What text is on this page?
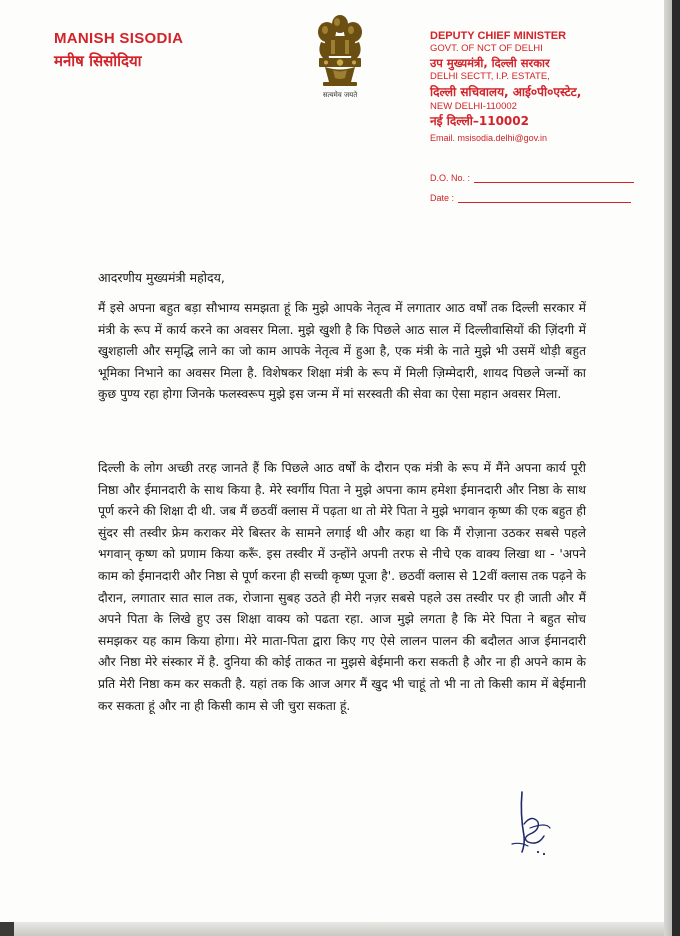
MANISH SISODIA

मनीष सिसोदिया

सत्यमेव जयते
DEPUTY CHIEF MINISTER
GOVT. OF NCT OF DELHI
उप मुख्यमंत्री, दिल्ली सरकार
DELHI SECTT, I.P. ESTATE,
दिल्ली सचिवालय, आई०पी०एस्टेट,
NEW DELHI-110002
नई दिल्ली–110002
Email. msisodia.delhi@gov.in
D.O. No. :
Date :
आदरणीय मुख्यमंत्री महोदय,

मैं इसे अपना बहुत बड़ा सौभाग्य समझता हूं कि मुझे आपके नेतृत्व में लगातार आठ वर्षों तक दिल्ली सरकार में मंत्री के रूप में कार्य करने का अवसर मिला. मुझे खुशी है कि पिछले आठ साल में दिल्लीवासियों की ज़िंदगी में खुशहाली और समृद्धि लाने का जो काम आपके नेतृत्व में हुआ है, एक मंत्री के नाते मुझे भी उसमें थोड़ी बहुत भूमिका निभाने का अवसर मिला है. विशेषकर शिक्षा मंत्री के रूप में मिली ज़िम्मेदारी, शायद पिछले जन्मों का कुछ पुण्य रहा होगा जिनके फलस्वरूप मुझे इस जन्म में मां सरस्वती की सेवा का ऐसा महान अवसर मिला.

दिल्ली के लोग अच्छी तरह जानते हैं कि पिछले आठ वर्षों के दौरान एक मंत्री के रूप में मैंने अपना कार्य पूरी निष्ठा और ईमानदारी के साथ किया है. मेरे स्वर्गीय पिता ने मुझे अपना काम हमेशा ईमानदारी और निष्ठा के साथ पूर्ण करने की शिक्षा दी थी. जब मैं छठवीं क्लास में पढ़ता था तो मेरे पिता ने मुझे भगवान कृष्ण की एक बहुत ही सुंदर सी तस्वीर फ्रेम कराकर मेरे बिस्तर के सामने लगाई थी और कहा था कि मैं रोज़ाना उठकर सबसे पहले भगवान् कृष्ण को प्रणाम किया करूँ. इस तस्वीर में उन्होंने अपनी तरफ से नीचे एक वाक्य लिखा था - 'अपने काम को ईमानदारी और निष्ठा से पूर्ण करना ही सच्ची कृष्ण पूजा है'. छठवीं क्लास से 12वीं क्लास तक पढ़ने के दौरान, लगातार सात साल तक, रोजाना सुबह उठते ही मेरी नज़र सबसे पहले उस तस्वीर पर ही जाती और मैं अपने पिता के लिखे हुए उस शिक्षा वाक्य को पढता रहा. आज मुझे लगता है कि मेरे पिता ने बहुत सोच समझकर यह काम किया होगा। मेरे माता-पिता द्वारा किए गए ऐसे लालन पालन की बदौलत आज ईमानदारी और निष्ठा मेरे संस्कार में है. दुनिया की कोई ताकत ना मुझसे बेईमानी करा सकती है और ना ही अपने काम के प्रति मेरी निष्ठा कम कर सकती है. यहां तक कि आज अगर मैं खुद भी चाहूं तो भी ना तो किसी काम में बेईमानी कर सकता हूं और ना ही किसी काम से जी चुरा सकता हूं.
